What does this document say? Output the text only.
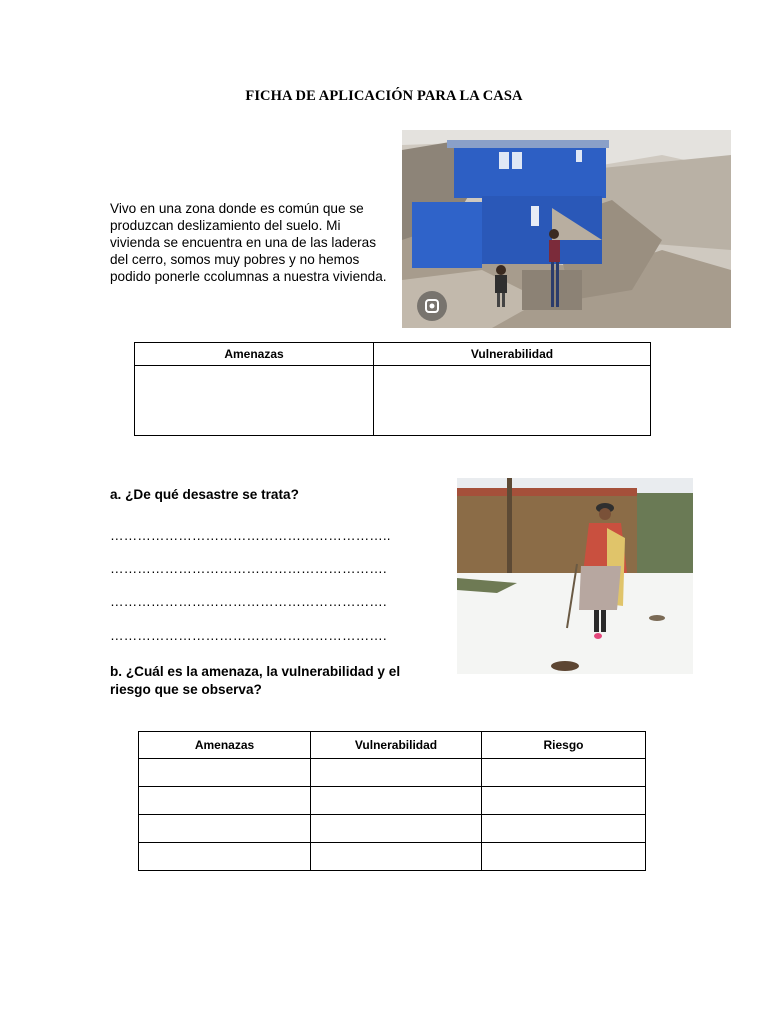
FICHA DE APLICACIÓN PARA LA CASA
Vivo en una zona donde es común que se produzcan deslizamiento del suelo. Mi vivienda se encuentra en una de las laderas del cerro, somos muy pobres y no hemos podido ponerle ccolumnas a nuestra vivienda.
Amenazas	Vulnerabilidad

a. ¿De qué desastre se trata?
……………………………………………………..
…………………………………………………….
…………………………………………………….
…………………………………………………….
b. ¿Cuál es la amenaza, la vulnerabilidad y el riesgo que se observa?
Amenazas	Vulnerabilidad	Riesgo
